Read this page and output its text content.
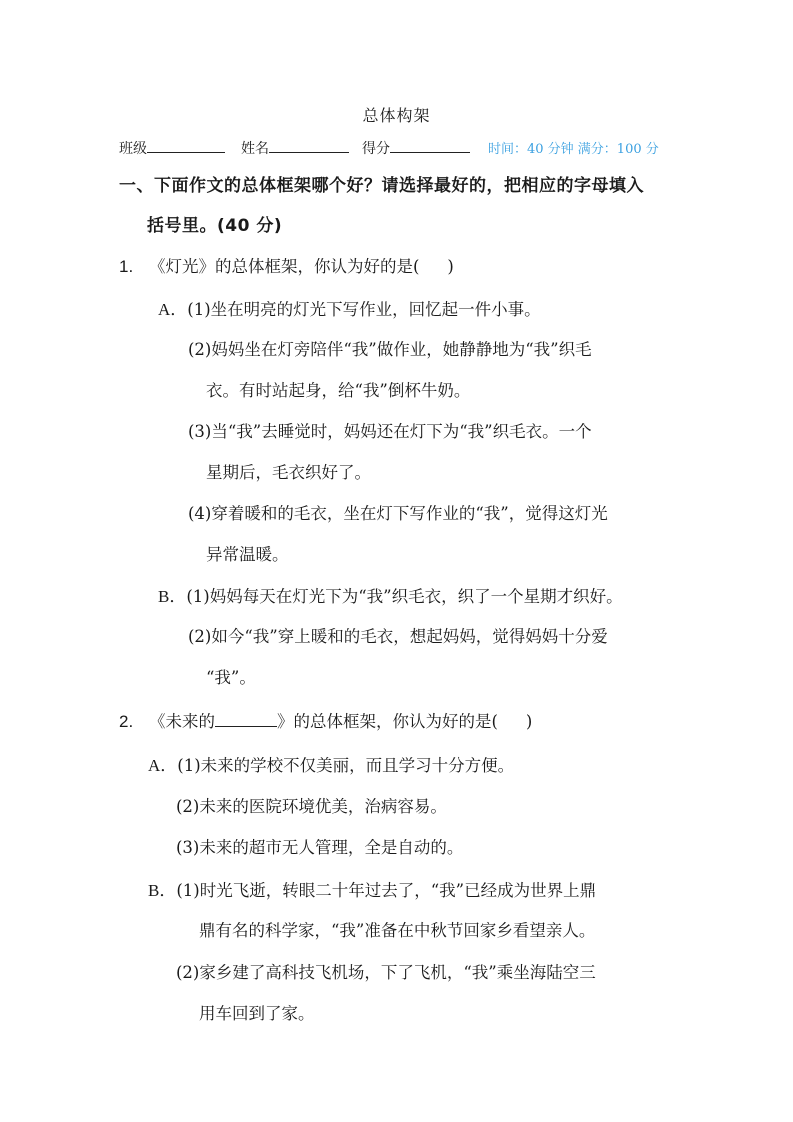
总体构架
班级	姓名	得分	时间：40 分钟 满分：100 分
一、下面作文的总体框架哪个好？请选择最好的，把相应的字母填入
括号里。(40 分)
1. 《灯光》的总体框架，你认为好的是( )
A．(1)坐在明亮的灯光下写作业，回忆起一件小事。
(2)妈妈坐在灯旁陪伴“我”做作业，她静静地为“我”织毛
衣。有时站起身，给“我”倒杯牛奶。
(3)当“我”去睡觉时，妈妈还在灯下为“我”织毛衣。一个
星期后，毛衣织好了。
(4)穿着暖和的毛衣，坐在灯下写作业的“我”，觉得这灯光
异常温暖。
B．(1)妈妈每天在灯光下为“我”织毛衣，织了一个星期才织好。
(2)如今“我”穿上暖和的毛衣，想起妈妈，觉得妈妈十分爱
“我”。
2. 《未来的	》的总体框架，你认为好的是( )
A．(1)未来的学校不仅美丽，而且学习十分方便。
(2)未来的医院环境优美，治病容易。
(3)未来的超市无人管理，全是自动的。
B．(1)时光飞逝，转眼二十年过去了，“我”已经成为世界上鼎
鼎有名的科学家，“我”准备在中秋节回家乡看望亲人。
(2)家乡建了高科技飞机场，下了飞机，“我”乘坐海陆空三
用车回到了家。
